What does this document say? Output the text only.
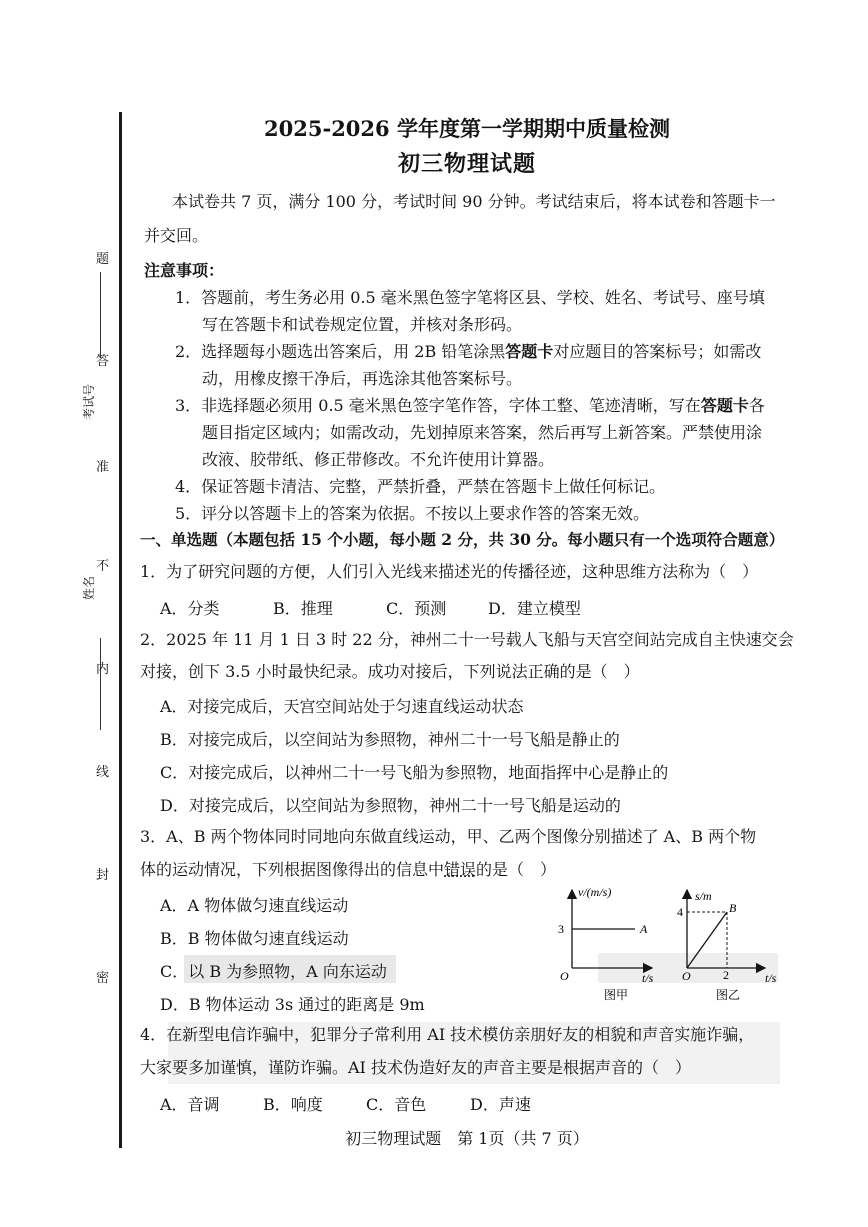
题
答
准
不
内
线
封
密
考试号
姓名
2025-2026 学年度第一学期期中质量检测
初三物理试题
本试卷共 7 页，满分 100 分，考试时间 90 分钟。考试结束后，将本试卷和答题卡一
并交回。
注意事项：
1．答题前，考生务必用 0.5 毫米黑色签字笔将区县、学校、姓名、考试号、座号填
写在答题卡和试卷规定位置，并核对条形码。
2．选择题每小题选出答案后，用 2B 铅笔涂黑答题卡对应题目的答案标号；如需改
动，用橡皮擦干净后，再选涂其他答案标号。
3．非选择题必须用 0.5 毫米黑色签字笔作答，字体工整、笔迹清晰，写在答题卡各
题目指定区域内；如需改动，先划掉原来答案，然后再写上新答案。严禁使用涂
改液、胶带纸、修正带修改。不允许使用计算器。
4．保证答题卡清洁、完整，严禁折叠，严禁在答题卡上做任何标记。
5．评分以答题卡上的答案为依据。不按以上要求作答的答案无效。
一、单选题（本题包括 15 个小题，每小题 2 分，共 30 分。每小题只有一个选项符合题意）
1．为了研究问题的方便，人们引入光线来描述光的传播径迹，这种思维方法称为（　）
A．分类	B．推理	C．预测	D．建立模型
2．2025 年 11 月 1 日 3 时 22 分，神州二十一号载人飞船与天宫空间站完成自主快速交会
对接，创下 3.5 小时最快纪录。成功对接后，下列说法正确的是（　）
A．对接完成后，天宫空间站处于匀速直线运动状态
B．对接完成后，以空间站为参照物，神州二十一号飞船是静止的
C．对接完成后，以神州二十一号飞船为参照物，地面指挥中心是静止的
D．对接完成后，以空间站为参照物，神州二十一号飞船是运动的
3．A、B 两个物体同时同地向东做直线运动，甲、乙两个图像分别描述了 A、B 两个物
体的运动情况，下列根据图像得出的信息中错误的是（　）
A．A 物体做匀速直线运动
B．B 物体做匀速直线运动
C．以 B 为参照物，A 向东运动
D．B 物体运动 3s 通过的距离是 9m
v/(m/s)
3	A
O	t/s
图甲
s/m
4	B
2
O	t/s
图乙
4．在新型电信诈骗中，犯罪分子常利用 AI 技术模仿亲朋好友的相貌和声音实施诈骗，
大家要多加谨慎，谨防诈骗。AI 技术伪造好友的声音主要是根据声音的（　）
A．音调	B．响度	C．音色	D．声速
初三物理试题　第 1页（共 7 页）
